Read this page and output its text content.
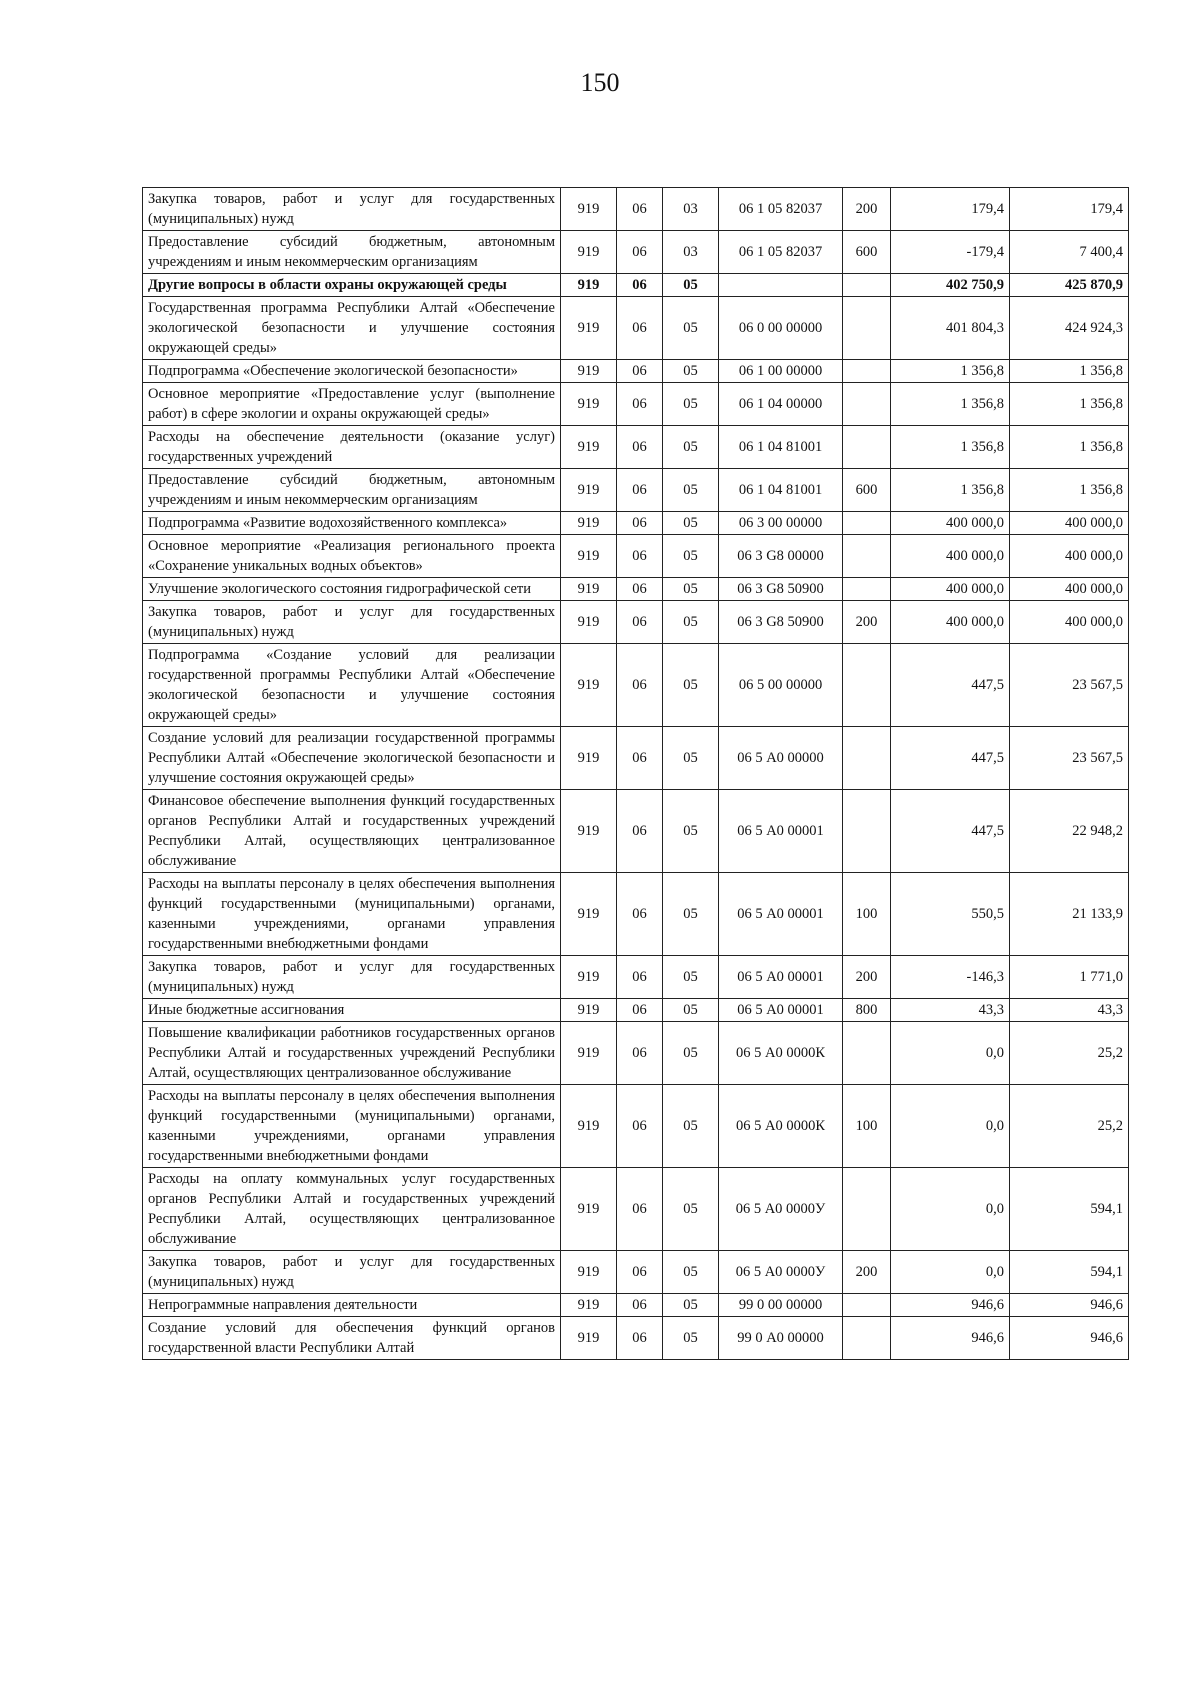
150
Закупка товаров, работ и услуг для государственных (муниципальных) нужд	919	06	03	06 1 05 82037	200	179,4	179,4
Предоставление субсидий бюджетным, автономным учреждениям и иным некоммерческим организациям	919	06	03	06 1 05 82037	600	-179,4	7 400,4
Другие вопросы в области охраны окружающей среды	919	06	05			402 750,9	425 870,9
Государственная программа Республики Алтай «Обеспечение экологической безопасности и улучшение состояния окружающей среды»	919	06	05	06 0 00 00000		401 804,3	424 924,3
Подпрограмма «Обеспечение экологической безопасности»	919	06	05	06 1 00 00000		1 356,8	1 356,8
Основное мероприятие «Предоставление услуг (выполнение работ) в сфере экологии и охраны окружающей среды»	919	06	05	06 1 04 00000		1 356,8	1 356,8
Расходы на обеспечение деятельности (оказание услуг) государственных учреждений	919	06	05	06 1 04 81001		1 356,8	1 356,8
Предоставление субсидий бюджетным, автономным учреждениям и иным некоммерческим организациям	919	06	05	06 1 04 81001	600	1 356,8	1 356,8
Подпрограмма «Развитие водохозяйственного комплекса»	919	06	05	06 3 00 00000		400 000,0	400 000,0
Основное мероприятие «Реализация регионального проекта «Сохранение уникальных водных объектов»	919	06	05	06 3 G8 00000		400 000,0	400 000,0
Улучшение экологического состояния гидрографической сети	919	06	05	06 3 G8 50900		400 000,0	400 000,0
Закупка товаров, работ и услуг для государственных (муниципальных) нужд	919	06	05	06 3 G8 50900	200	400 000,0	400 000,0
Подпрограмма «Создание условий для реализации государственной программы Республики Алтай «Обеспечение экологической безопасности и улучшение состояния окружающей среды»	919	06	05	06 5 00 00000		447,5	23 567,5
Создание условий для реализации государственной программы Республики Алтай «Обеспечение экологической безопасности и улучшение состояния окружающей среды»	919	06	05	06 5 А0 00000		447,5	23 567,5
Финансовое обеспечение выполнения функций государственных органов Республики Алтай и государственных учреждений Республики Алтай, осуществляющих централизованное обслуживание	919	06	05	06 5 А0 00001		447,5	22 948,2
Расходы на выплаты персоналу в целях обеспечения выполнения функций государственными (муниципальными) органами, казенными учреждениями, органами управления государственными внебюджетными фондами	919	06	05	06 5 А0 00001	100	550,5	21 133,9
Закупка товаров, работ и услуг для государственных (муниципальных) нужд	919	06	05	06 5 А0 00001	200	-146,3	1 771,0
Иные бюджетные ассигнования	919	06	05	06 5 А0 00001	800	43,3	43,3
Повышение квалификации работников государственных органов Республики Алтай и государственных учреждений Республики Алтай, осуществляющих централизованное обслуживание	919	06	05	06 5 А0 0000К		0,0	25,2
Расходы на выплаты персоналу в целях обеспечения выполнения функций государственными (муниципальными) органами, казенными учреждениями, органами управления государственными внебюджетными фондами	919	06	05	06 5 А0 0000К	100	0,0	25,2
Расходы на оплату коммунальных услуг государственных органов Республики Алтай и государственных учреждений Республики Алтай, осуществляющих централизованное обслуживание	919	06	05	06 5 А0 0000У		0,0	594,1
Закупка товаров, работ и услуг для государственных (муниципальных) нужд	919	06	05	06 5 А0 0000У	200	0,0	594,1
Непрограммные направления деятельности	919	06	05	99 0 00 00000		946,6	946,6
Создание условий для обеспечения функций органов государственной власти Республики Алтай	919	06	05	99 0 А0 00000		946,6	946,6
